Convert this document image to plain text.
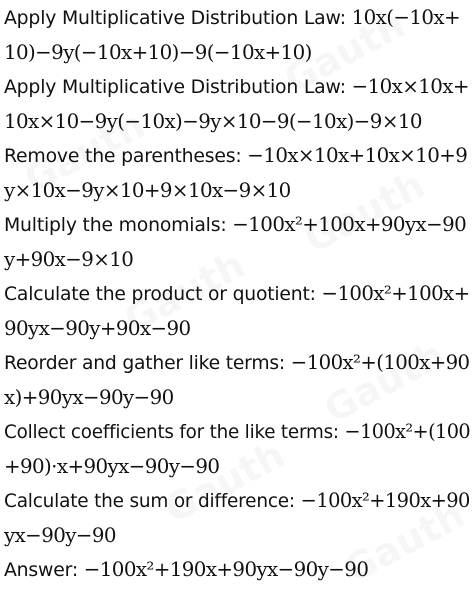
Apply Multiplicative Distribution Law: 10x(−10x+
10)−9y(−10x+10)−9(−10x+10)
Apply Multiplicative Distribution Law: −10x×10x+
10x×10−9y(−10x)−9y×10−9(−10x)−9×10
Remove the parentheses: −10x×10x+10x×10+9
y×10x−9y×10+9×10x−9×10
Multiply the monomials: −100x²+100x+90yx−90
y+90x−9×10
Calculate the product or quotient: −100x²+100x+
90yx−90y+90x−90
Reorder and gather like terms: −100x²+(100x+90
x)+90yx−90y−90
Collect coefficients for the like terms: −100x²+(100
+90)·x+90yx−90y−90
Calculate the sum or difference: −100x²+190x+90
yx−90y−90
Answer: −100x²+190x+90yx−90y−90
